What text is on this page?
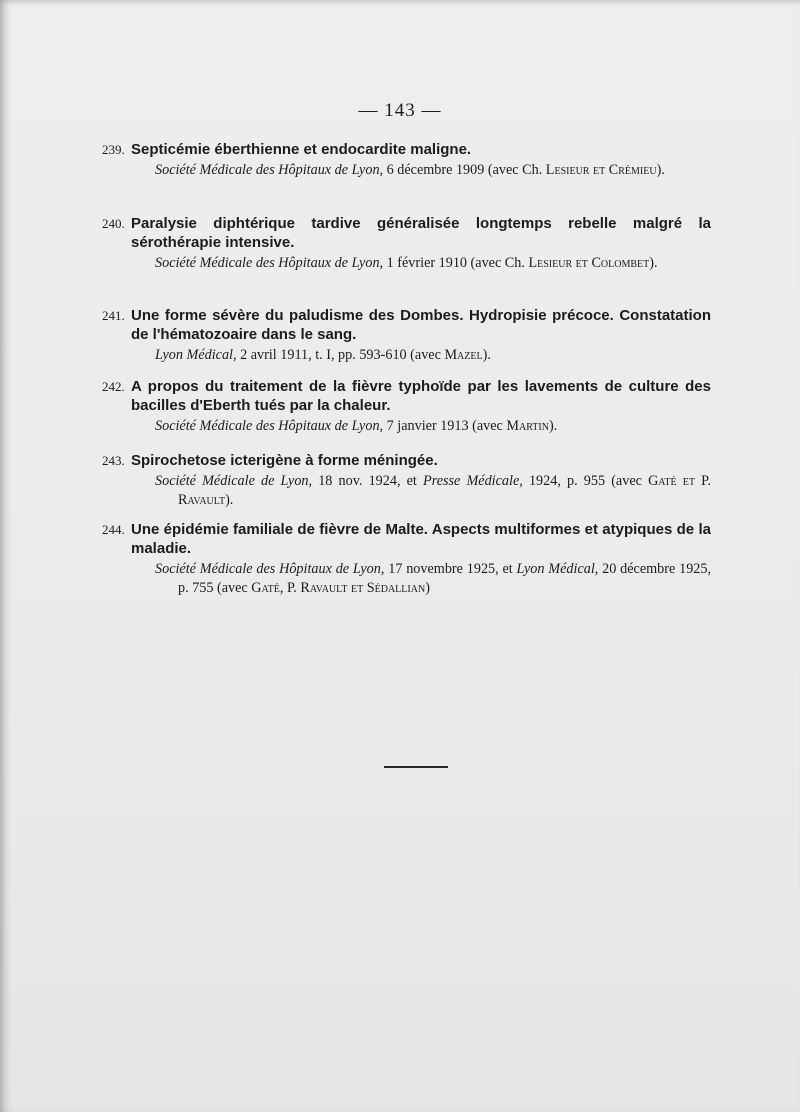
— 143 —

239. Septicémie éberthienne et endocardite maligne.

Société Médicale des Hôpitaux de Lyon, 6 décembre 1909 (avec Ch. Lesieur et Crémieu).

240. Paralysie diphtérique tardive généralisée longtemps rebelle malgré la sérothérapie intensive.

Société Médicale des Hôpitaux de Lyon, 1 février 1910 (avec Ch. Lesieur et Colombet).

241. Une forme sévère du paludisme des Dombes. Hydropisie précoce. Constatation de l'hématozoaire dans le sang.

Lyon Médical, 2 avril 1911, t. I, pp. 593-610 (avec Mazel).

242. A propos du traitement de la fièvre typhoïde par les lavements de culture des bacilles d'Eberth tués par la chaleur.

Société Médicale des Hôpitaux de Lyon, 7 janvier 1913 (avec Martin).

243. Spirochetose icterigène à forme méningée.

Société Médicale de Lyon, 18 nov. 1924, et Presse Médicale, 1924, p. 955 (avec Gaté et P. Ravault).

244. Une épidémie familiale de fièvre de Malte. Aspects multiformes et atypiques de la maladie.

Société Médicale des Hôpitaux de Lyon, 17 novembre 1925, et Lyon Médical, 20 décembre 1925, p. 755 (avec Gaté, P. Ravault et Sédallian)
